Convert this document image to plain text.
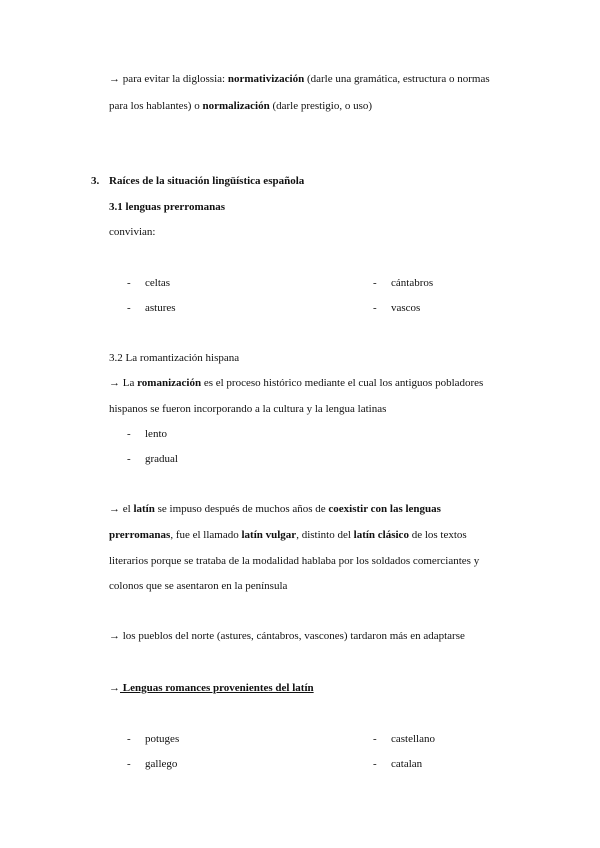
→ para evitar la diglossia: normativización (darle una gramática, estructura o normas
para los hablantes) o normalización (darle prestigio, o uso)
3. Raíces de la situación lingüística española
3.1 lenguas prerromanas
convivian:
- celtas	- cántabros
- astures	- vascos
3.2 La romantización hispana
→ La romanización es el proceso histórico mediante el cual los antiguos pobladores
hispanos se fueron incorporando a la cultura y la lengua latinas
- lento
- gradual
→ el latín se impuso después de muchos años de coexistir con las lenguas
prerromanas, fue el llamado latín vulgar, distinto del latín clásico de los textos
literarios porque se trataba de la modalidad hablaba por los soldados comerciantes y
colonos que se asentaron en la península
→ los pueblos del norte (astures, cántabros, vascones) tardaron más en adaptarse
→ Lenguas romances provenientes del latín
- potuges	- castellano
- gallego	- catalan
